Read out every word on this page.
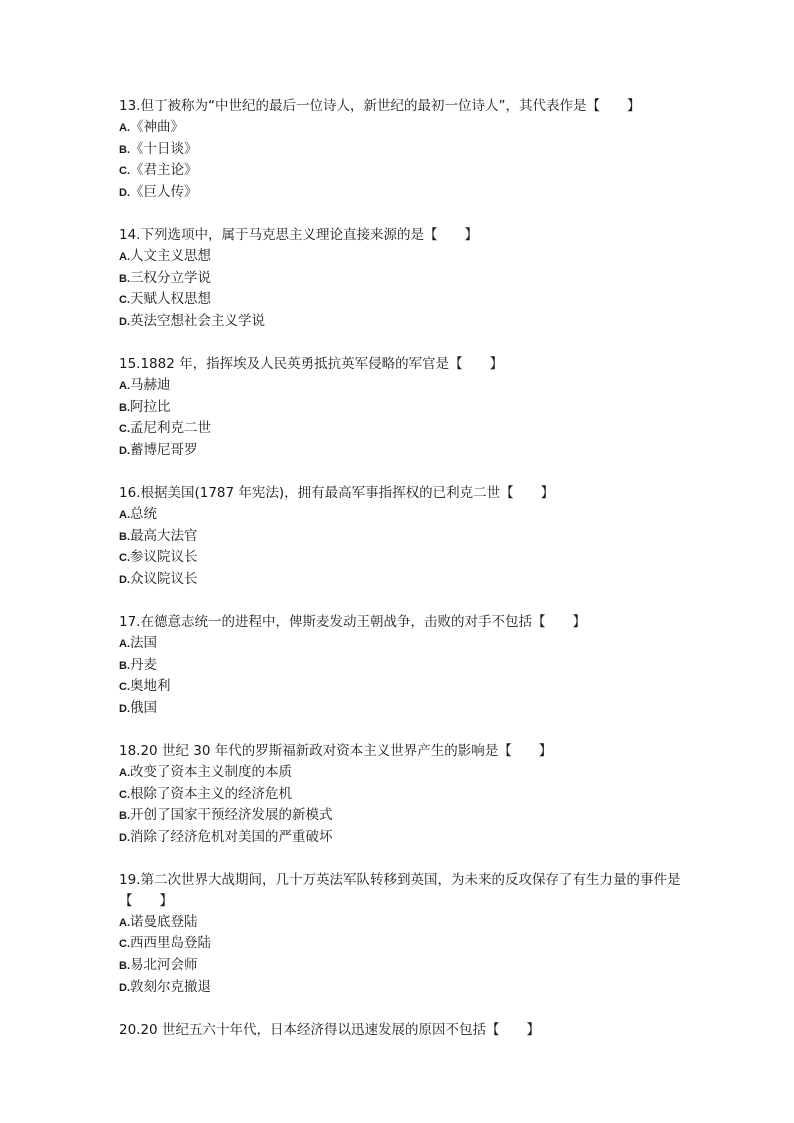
13.但丁被称为“中世纪的最后一位诗人，新世纪的最初一位诗人”，其代表作是【　　】
A.《神曲》
B.《十日谈》
C.《君主论》
D.《巨人传》
14.下列选项中，属于马克思主义理论直接来源的是【　　】
A.人文主义思想
B.三权分立学说
C.天赋人权思想
D.英法空想社会主义学说
15.1882 年，指挥埃及人民英勇抵抗英军侵略的军官是【　　】
A.马赫迪
B.阿拉比
C.孟尼利克二世
D.蓄博尼哥罗
16.根据美国(1787 年宪法)，拥有最高军事指挥权的已利克二世【　　】
A.总统
B.最高大法官
C.参议院议长
D.众议院议长
17.在德意志统一的进程中，俾斯麦发动王朝战争，击败的对手不包括【　　】
A.法国
B.丹麦
C.奥地利
D.俄国
18.20 世纪 30 年代的罗斯福新政对资本主义世界产生的影响是【　　】
A.改变了资本主义制度的本质
C.根除了资本主义的经济危机
B.开创了国家干预经济发展的新模式
D.消除了经济危机对美国的严重破坏
19.第二次世界大战期间，几十万英法军队转移到英国，为未来的反攻保存了有生力量的事件是【　　】
A.诺曼底登陆
C.西西里岛登陆
B.易北河会师
D.敦刻尔克撤退
20.20 世纪五六十年代，日本经济得以迅速发展的原因不包括【　　】
